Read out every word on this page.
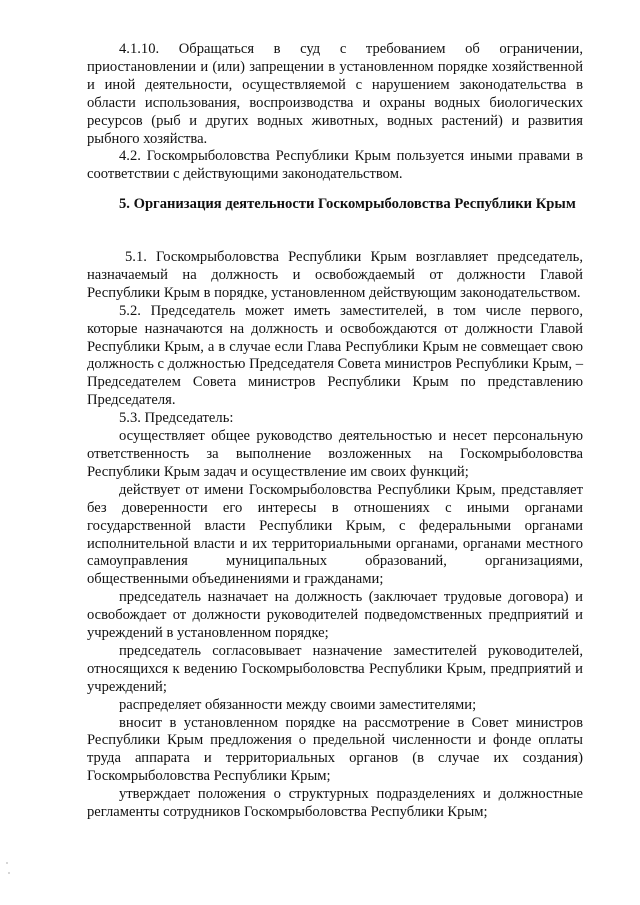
4.1.10. Обращаться в суд с требованием об ограничении, приостановлении и (или) запрещении в установленном порядке хозяйственной и иной деятельности, осуществляемой с нарушением законодательства в области использования, воспроизводства и охраны водных биологических ресурсов (рыб и других водных животных, водных растений) и развития рыбного хозяйства.

4.2. Госкомрыболовства Республики Крым пользуется иными правами в соответствии с действующими законодательством.

5. Организация деятельности Госкомрыболовства Республики Крым

5.1. Госкомрыболовства Республики Крым возглавляет председатель, назначаемый на должность и освобождаемый от должности Главой Республики Крым в порядке, установленном действующим законодательством.

5.2. Председатель может иметь заместителей, в том числе первого, которые назначаются на должность и освобождаются от должности Главой Республики Крым, а в случае если Глава Республики Крым не совмещает свою должность с должностью Председателя Совета министров Республики Крым, – Председателем Совета министров Республики Крым по представлению Председателя.

5.3. Председатель:

осуществляет общее руководство деятельностью и несет персональную ответственность за выполнение возложенных на Госкомрыболовства Республики Крым задач и осуществление им своих функций;

действует от имени Госкомрыболовства Республики Крым, представляет без доверенности его интересы в отношениях с иными органами государственной власти Республики Крым, с федеральными органами исполнительной власти и их территориальными органами, органами местного самоуправления муниципальных образований, организациями, общественными объединениями и гражданами;

председатель назначает на должность (заключает трудовые договора) и освобождает от должности руководителей подведомственных предприятий и учреждений в установленном порядке;

председатель согласовывает назначение заместителей руководителей, относящихся к ведению Госкомрыболовства Республики Крым, предприятий и учреждений;

распределяет обязанности между своими заместителями;

вносит в установленном порядке на рассмотрение в Совет министров Республики Крым предложения о предельной численности и фонде оплаты труда аппарата и территориальных органов (в случае их создания) Госкомрыболовства Республики Крым;

утверждает положения о структурных подразделениях и должностные регламенты сотрудников Госкомрыболовства Республики Крым;
